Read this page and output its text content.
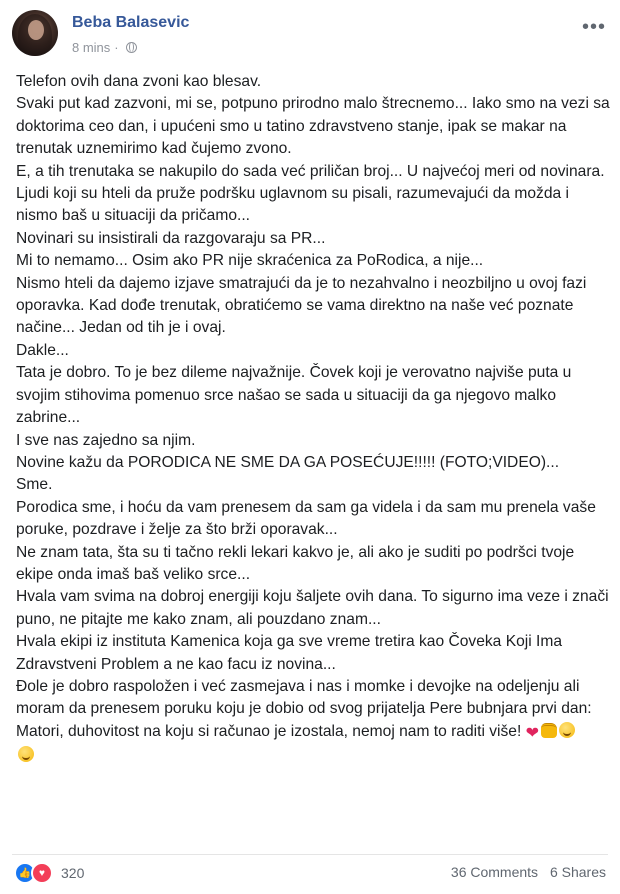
Beba Balasevic
8 mins ·
•••

Telefon ovih dana zvoni kao blesav.

Svaki put kad zazvoni, mi se, potpuno prirodno malo štrecnemo... Iako smo na vezi sa doktorima ceo dan, i upućeni smo u tatino zdravstveno stanje, ipak se makar na trenutak uznemirimo kad čujemo zvono.

E, a tih trenutaka se nakupilo do sada već priličan broj... U najvećoj meri od novinara.

Ljudi koji su hteli da pruže podršku uglavnom su pisali, razumevajući da možda i nismo baš u situaciji da pričamo...

Novinari su insistirali da razgovaraju sa PR...

Mi to nemamo... Osim ako PR nije skraćenica za PoRodica, a nije...

Nismo hteli da dajemo izjave smatrajući da je to nezahvalno i neozbiljno u ovoj fazi oporavka. Kad dođe trenutak, obratićemo se vama direktno na naše već poznate načine... Jedan od tih je i ovaj.

Dakle...

Tata je dobro. To je bez dileme najvažnije. Čovek koji je verovatno najviše puta u svojim stihovima pomenuo srce našao se sada u situaciji da ga njegovo malko zabrine...

I sve nas zajedno sa njim.

Novine kažu da PORODICA NE SME DA GA POSEĆUJE!!!!! (FOTO;VIDEO)...

Sme.

Porodica sme, i hoću da vam prenesem da sam ga videla i da sam mu prenela vaše poruke, pozdrave i želje za što brži oporavak...

Ne znam tata, šta su ti tačno rekli lekari kakvo je, ali ako je suditi po podršci tvoje ekipe onda imaš baš veliko srce...

Hvala vam svima na dobroj energiji koju šaljete ovih dana. To sigurno ima veze i znači puno, ne pitajte me kako znam, ali pouzdano znam...

Hvala ekipi iz instituta Kamenica koja ga sve vreme tretira kao Čoveka Koji Ima Zdravstveni Problem a ne kao facu iz novina...

Đole je dobro raspoložen i već zasmejava i nas i momke i devojke na odeljenju ali moram da prenesem poruku koju je dobio od svog prijatelja Pere bubnjara prvi dan:

Matori, duhovitost na koju si računao je izostala, nemoj nam to raditi više! ❤

👍 ♥	320	36 Comments 6 Shares
